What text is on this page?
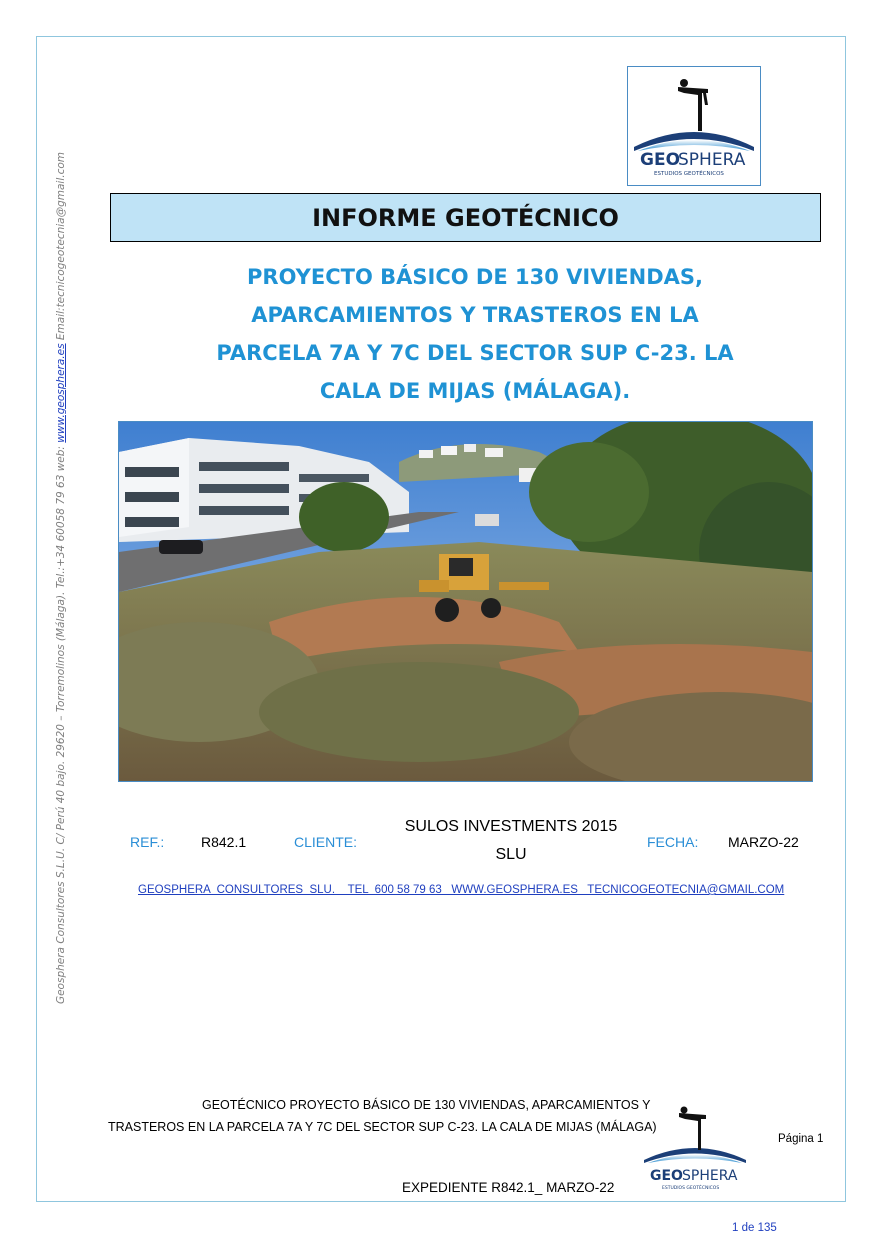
Geosphera Consultores S.L.U. C/ Perú 40 bajo. 29620 – Torremolinos (Málaga). Tel.:+34 60058 79 63 web: www.geosphera.es Email:tecnicogeotecnia@gmail.com	GEO
SPHERA
ESTUDIOS GEOTÉCNICOS
INFORME GEOTÉCNICO
PROYECTO BÁSICO DE 130 VIVIENDAS,
APARCAMIENTOS Y TRASTEROS EN LA
PARCELA 7A Y 7C DEL SECTOR SUP C-23. LA
CALA DE MIJAS (MÁLAGA).
REF.:	R842.1	CLIENTE:
SULOS INVESTMENTS 2015
SLU
FECHA: MARZO-22
GEOSPHERA  CONSULTORES  SLU.    TEL  600 58 79 63   WWW.GEOSPHERA.ES   TECNICOGEOTECNIA@GMAIL.COM
GEOTÉCNICO PROYECTO BÁSICO DE 130 VIVIENDAS, APARCAMIENTOS Y
TRASTEROS EN LA PARCELA 7A Y 7C DEL SECTOR SUP C-23. LA CALA DE MIJAS (MÁLAGA)
GEO SPHERA
ESTUDIOS GEOTÉCNICOS
Página 1
EXPEDIENTE R842.1_ MARZO-22
1 de 135
